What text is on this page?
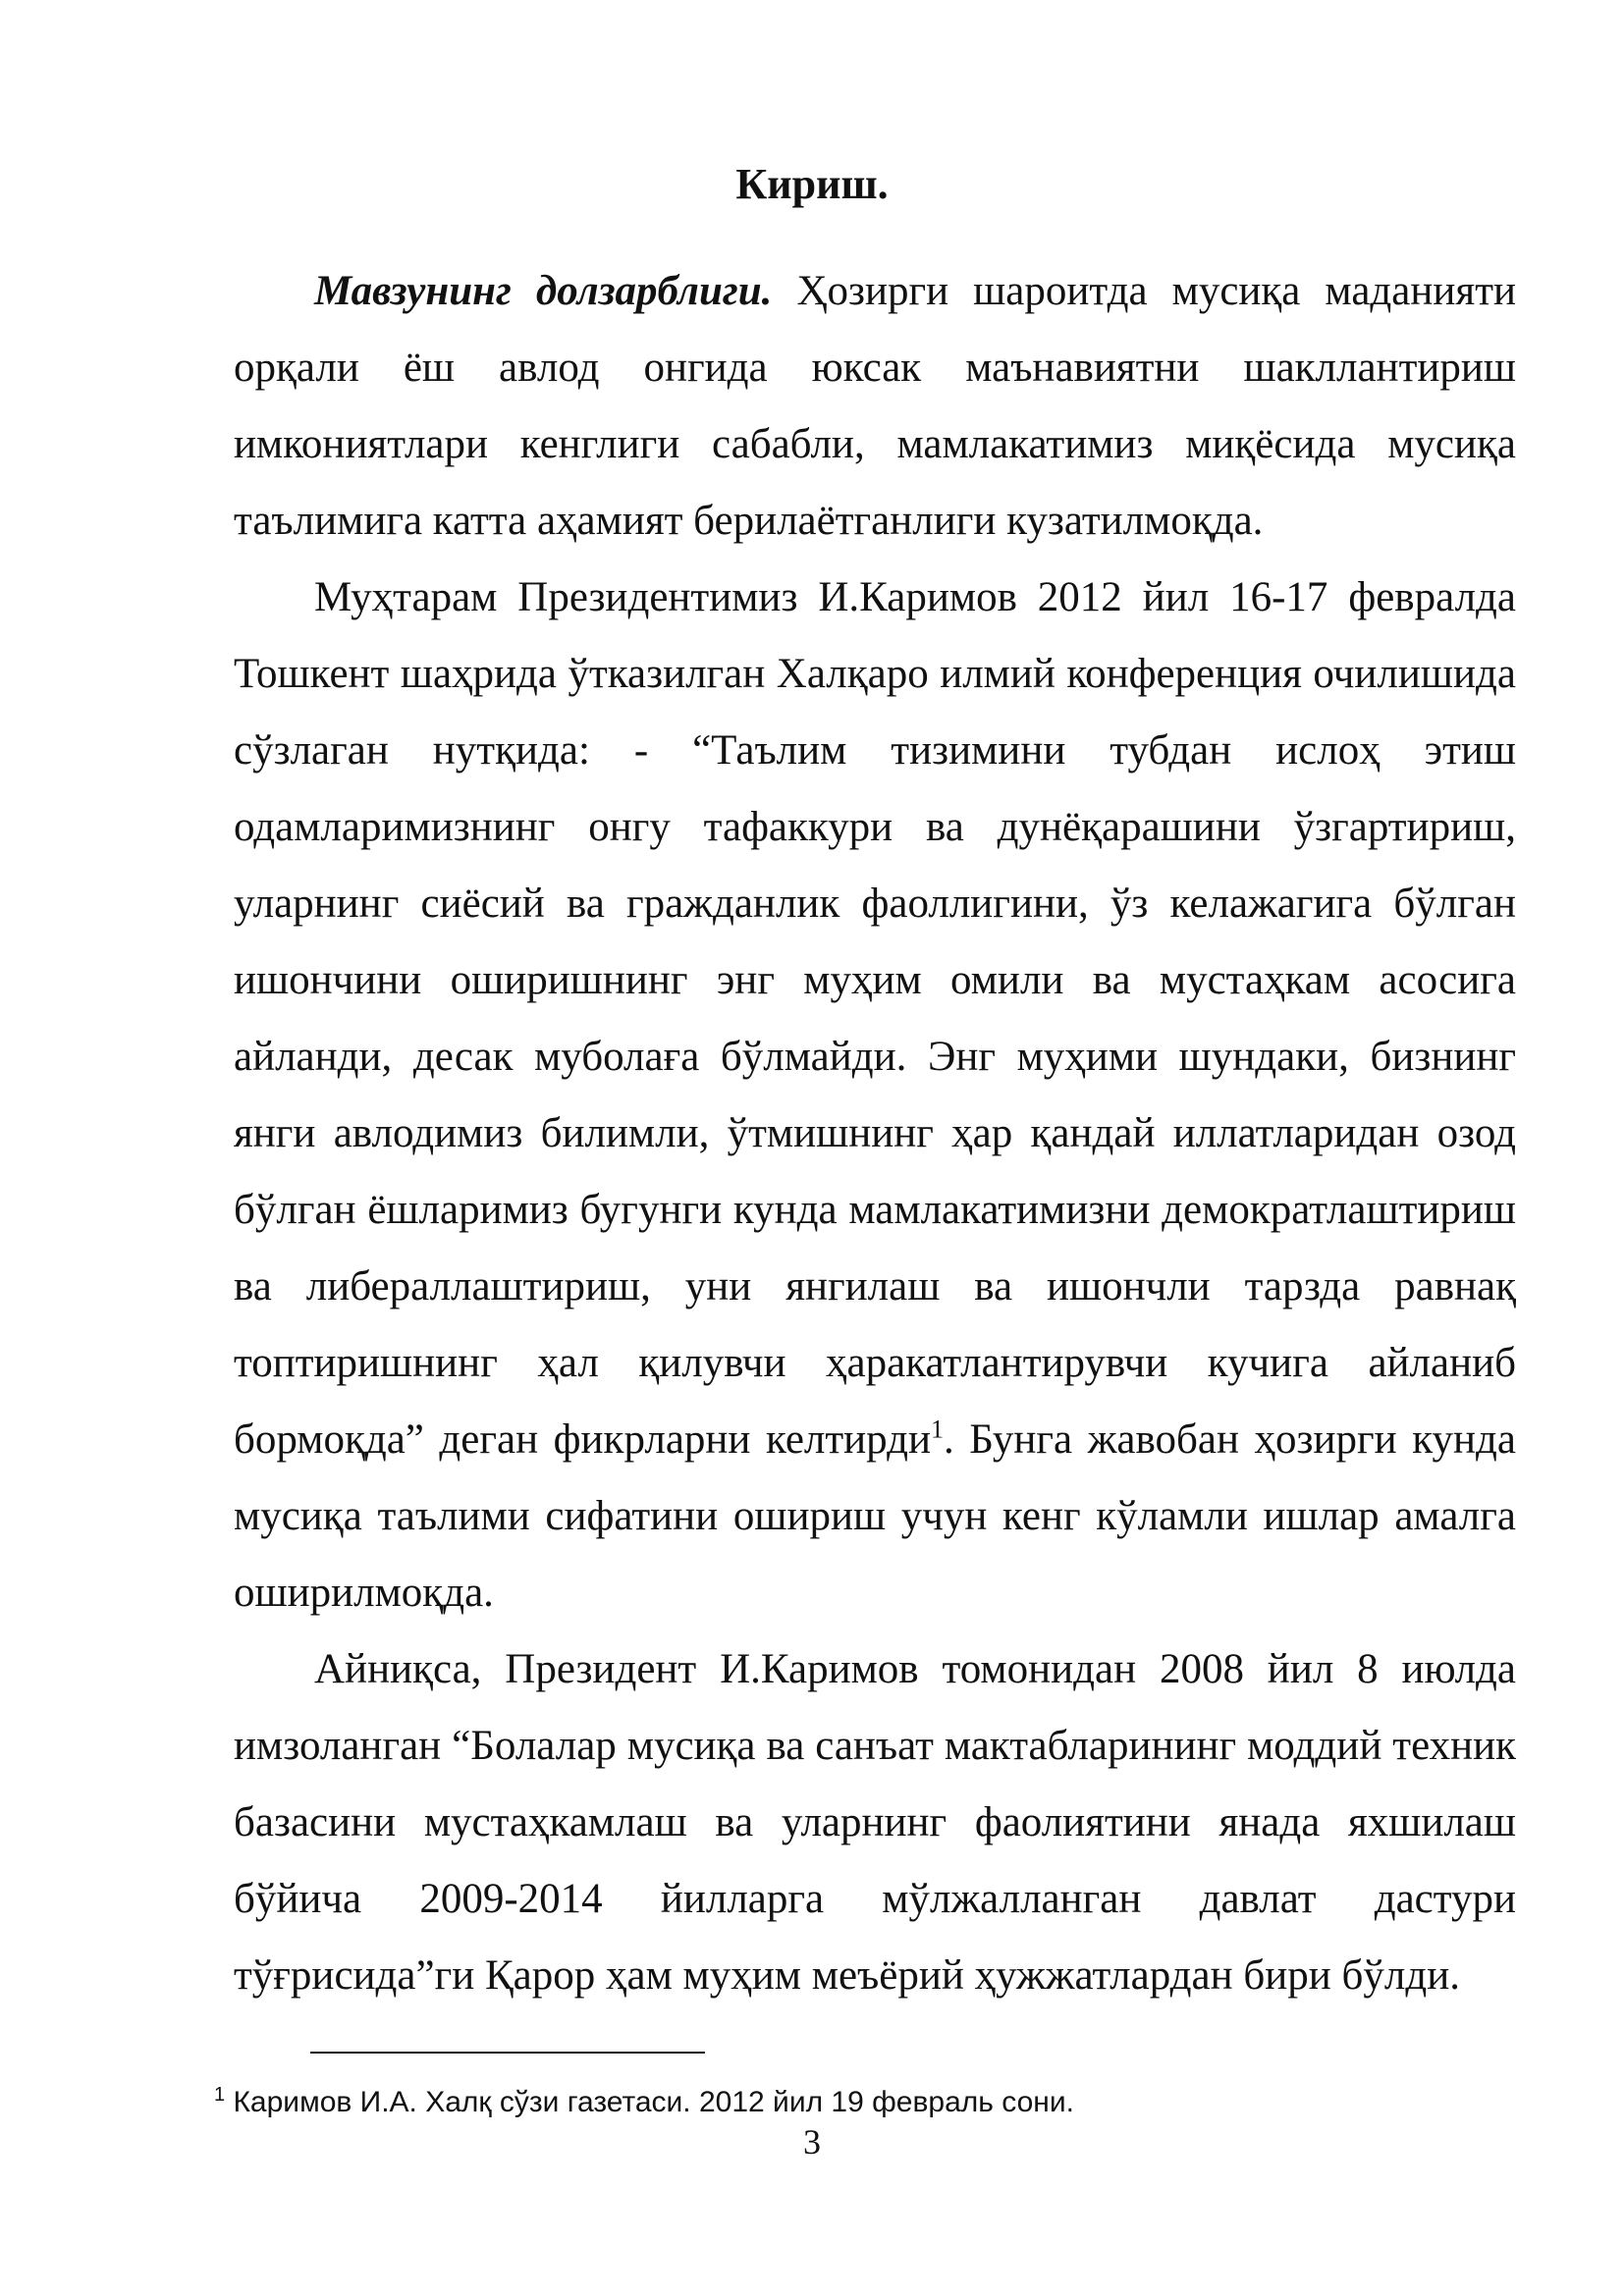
Кириш.

Мавзунинг долзарблиги. Ҳозирги шароитда мусиқа маданияти орқали ёш авлод онгида юксак маънавиятни шакллантириш имкониятлари кенглиги сабабли, мамлакатимиз миқёсида мусиқа таълимига катта аҳамият берилаётганлиги кузатилмоқда.

Муҳтарам Президентимиз И.Каримов 2012 йил 16-17 февралда Тошкент шаҳрида ўтказилган Халқаро илмий конференция очилишида сўзлаган нутқида: - “Таълим тизимини тубдан ислоҳ этиш одамларимизнинг онгу тафаккури ва дунёқарашини ўзгартириш, уларнинг сиёсий ва гражданлик фаоллигини, ўз келажагига бўлган ишончини оширишнинг энг муҳим омили ва мустаҳкам асосига айланди, десак муболаға бўлмайди. Энг муҳими шундаки, бизнинг янги авлодимиз билимли, ўтмишнинг ҳар қандай иллатларидан озод бўлган ёшларимиз бугунги кунда мамлакатимизни демократлаштириш ва либераллаштириш, уни янгилаш ва ишончли тарзда равнақ топтиришнинг ҳал қилувчи ҳаракатлантирувчи кучига айланиб бормоқда” деган фикрларни келтирди$^1$. Бунга жавобан ҳозирги кунда мусиқа таълими сифатини ошириш учун кенг кўламли ишлар амалга оширилмоқда.

Айниқса, Президент И.Каримов томонидан 2008 йил 8 июлда имзоланган “Болалар мусиқа ва санъат мактабларининг моддий техник базасини мустаҳкамлаш ва уларнинг фаолиятини янада яхшилаш бўйича 2009-2014 йилларга мўлжалланган давлат дастури тўғрисида”ги Қарор ҳам муҳим меъёрий ҳужжатлардан бири бўлди.

$^1$ Каримов И.А. Халқ сўзи газетаси. 2012 йил 19 февраль сони.
3
